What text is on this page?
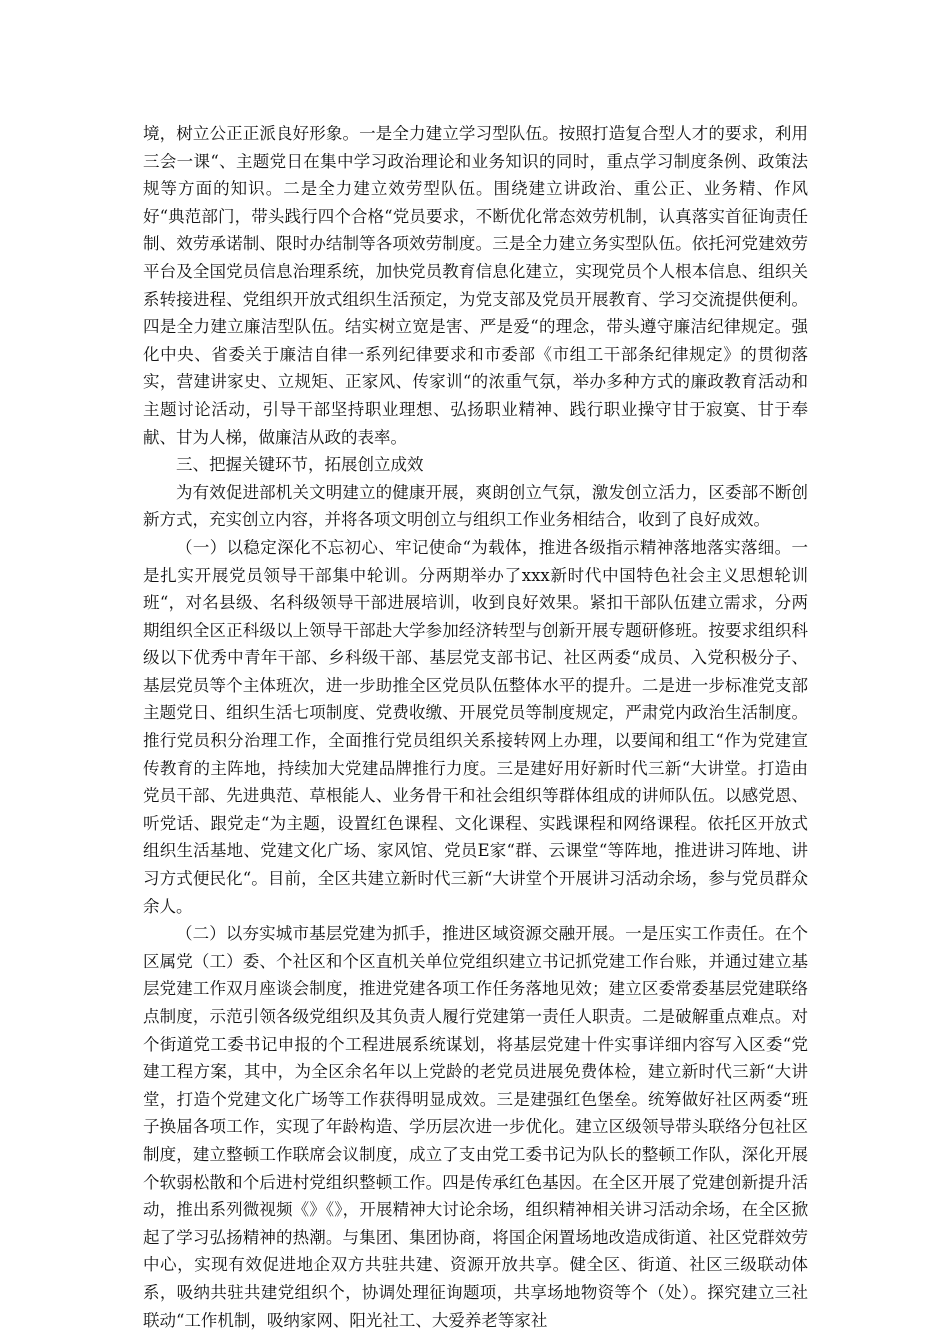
境，树立公正正派良好形象。一是全力建立学习型队伍。按照打造复合型人才的要求，利用三会一课“、主题党日在集中学习政治理论和业务知识的同时，重点学习制度条例、政策法规等方面的知识。二是全力建立效劳型队伍。围绕建立讲政治、重公正、业务精、作风好“典范部门，带头践行四个合格“党员要求，不断优化常态效劳机制，认真落实首征询责任制、效劳承诺制、限时办结制等各项效劳制度。三是全力建立务实型队伍。依托河党建效劳平台及全国党员信息治理系统，加快党员教育信息化建立，实现党员个人根本信息、组织关系转接进程、党组织开放式组织生活预定，为党支部及党员开展教育、学习交流提供便利。四是全力建立廉洁型队伍。结实树立宽是害、严是爱“的理念，带头遵守廉洁纪律规定。强化中央、省委关于廉洁自律一系列纪律要求和市委部《市组工干部条纪律规定》的贯彻落实，营建讲家史、立规矩、正家风、传家训“的浓重气氛，举办多种方式的廉政教育活动和主题讨论活动，引导干部坚持职业理想、弘扬职业精神、践行职业操守甘于寂寞、甘于奉献、甘为人梯，做廉洁从政的表率。

三、把握关键环节，拓展创立成效

为有效促进部机关文明建立的健康开展，爽朗创立气氛，激发创立活力，区委部不断创新方式，充实创立内容，并将各项文明创立与组织工作业务相结合，收到了良好成效。

（一）以稳定深化不忘初心、牢记使命“为载体，推进各级指示精神落地落实落细。一是扎实开展党员领导干部集中轮训。分两期举办了xxx新时代中国特色社会主义思想轮训班“，对名县级、名科级领导干部进展培训，收到良好效果。紧扣干部队伍建立需求，分两期组织全区正科级以上领导干部赴大学参加经济转型与创新开展专题研修班。按要求组织科级以下优秀中青年干部、乡科级干部、基层党支部书记、社区两委“成员、入党积极分子、基层党员等个主体班次，进一步助推全区党员队伍整体水平的提升。二是进一步标准党支部主题党日、组织生活七项制度、党费收缴、开展党员等制度规定，严肃党内政治生活制度。推行党员积分治理工作，全面推行党员组织关系接转网上办理，以要闻和组工“作为党建宣传教育的主阵地，持续加大党建品牌推行力度。三是建好用好新时代三新“大讲堂。打造由党员干部、先进典范、草根能人、业务骨干和社会组织等群体组成的讲师队伍。以感党恩、听党话、跟党走“为主题，设置红色课程、文化课程、实践课程和网络课程。依托区开放式组织生活基地、党建文化广场、家风馆、党员E家“群、云课堂“等阵地，推进讲习阵地、讲习方式便民化“。目前，全区共建立新时代三新“大讲堂个开展讲习活动余场，参与党员群众余人。

（二）以夯实城市基层党建为抓手，推进区域资源交融开展。一是压实工作责任。在个区属党（工）委、个社区和个区直机关单位党组织建立书记抓党建工作台账，并通过建立基层党建工作双月座谈会制度，推进党建各项工作任务落地见效；建立区委常委基层党建联络点制度，示范引领各级党组织及其负责人履行党建第一责任人职责。二是破解重点难点。对个街道党工委书记申报的个工程进展系统谋划，将基层党建十件实事详细内容写入区委“党建工程方案，其中，为全区余名年以上党龄的老党员进展免费体检，建立新时代三新“大讲堂，打造个党建文化广场等工作获得明显成效。三是建强红色堡垒。统筹做好社区两委“班子换届各项工作，实现了年龄构造、学历层次进一步优化。建立区级领导带头联络分包社区制度，建立整顿工作联席会议制度，成立了支由党工委书记为队长的整顿工作队，深化开展个软弱松散和个后进村党组织整顿工作。四是传承红色基因。在全区开展了党建创新提升活动，推出系列微视频《》《》，开展精神大讨论余场，组织精神相关讲习活动余场，在全区掀起了学习弘扬精神的热潮。与集团、集团协商，将国企闲置场地改造成街道、社区党群效劳中心，实现有效促进地企双方共驻共建、资源开放共享。健全区、街道、社区三级联动体系，吸纳共驻共建党组织个，协调处理征询题项，共享场地物资等个（处）。探究建立三社联动“工作机制，吸纳家网、阳光社工、大爱养老等家社
